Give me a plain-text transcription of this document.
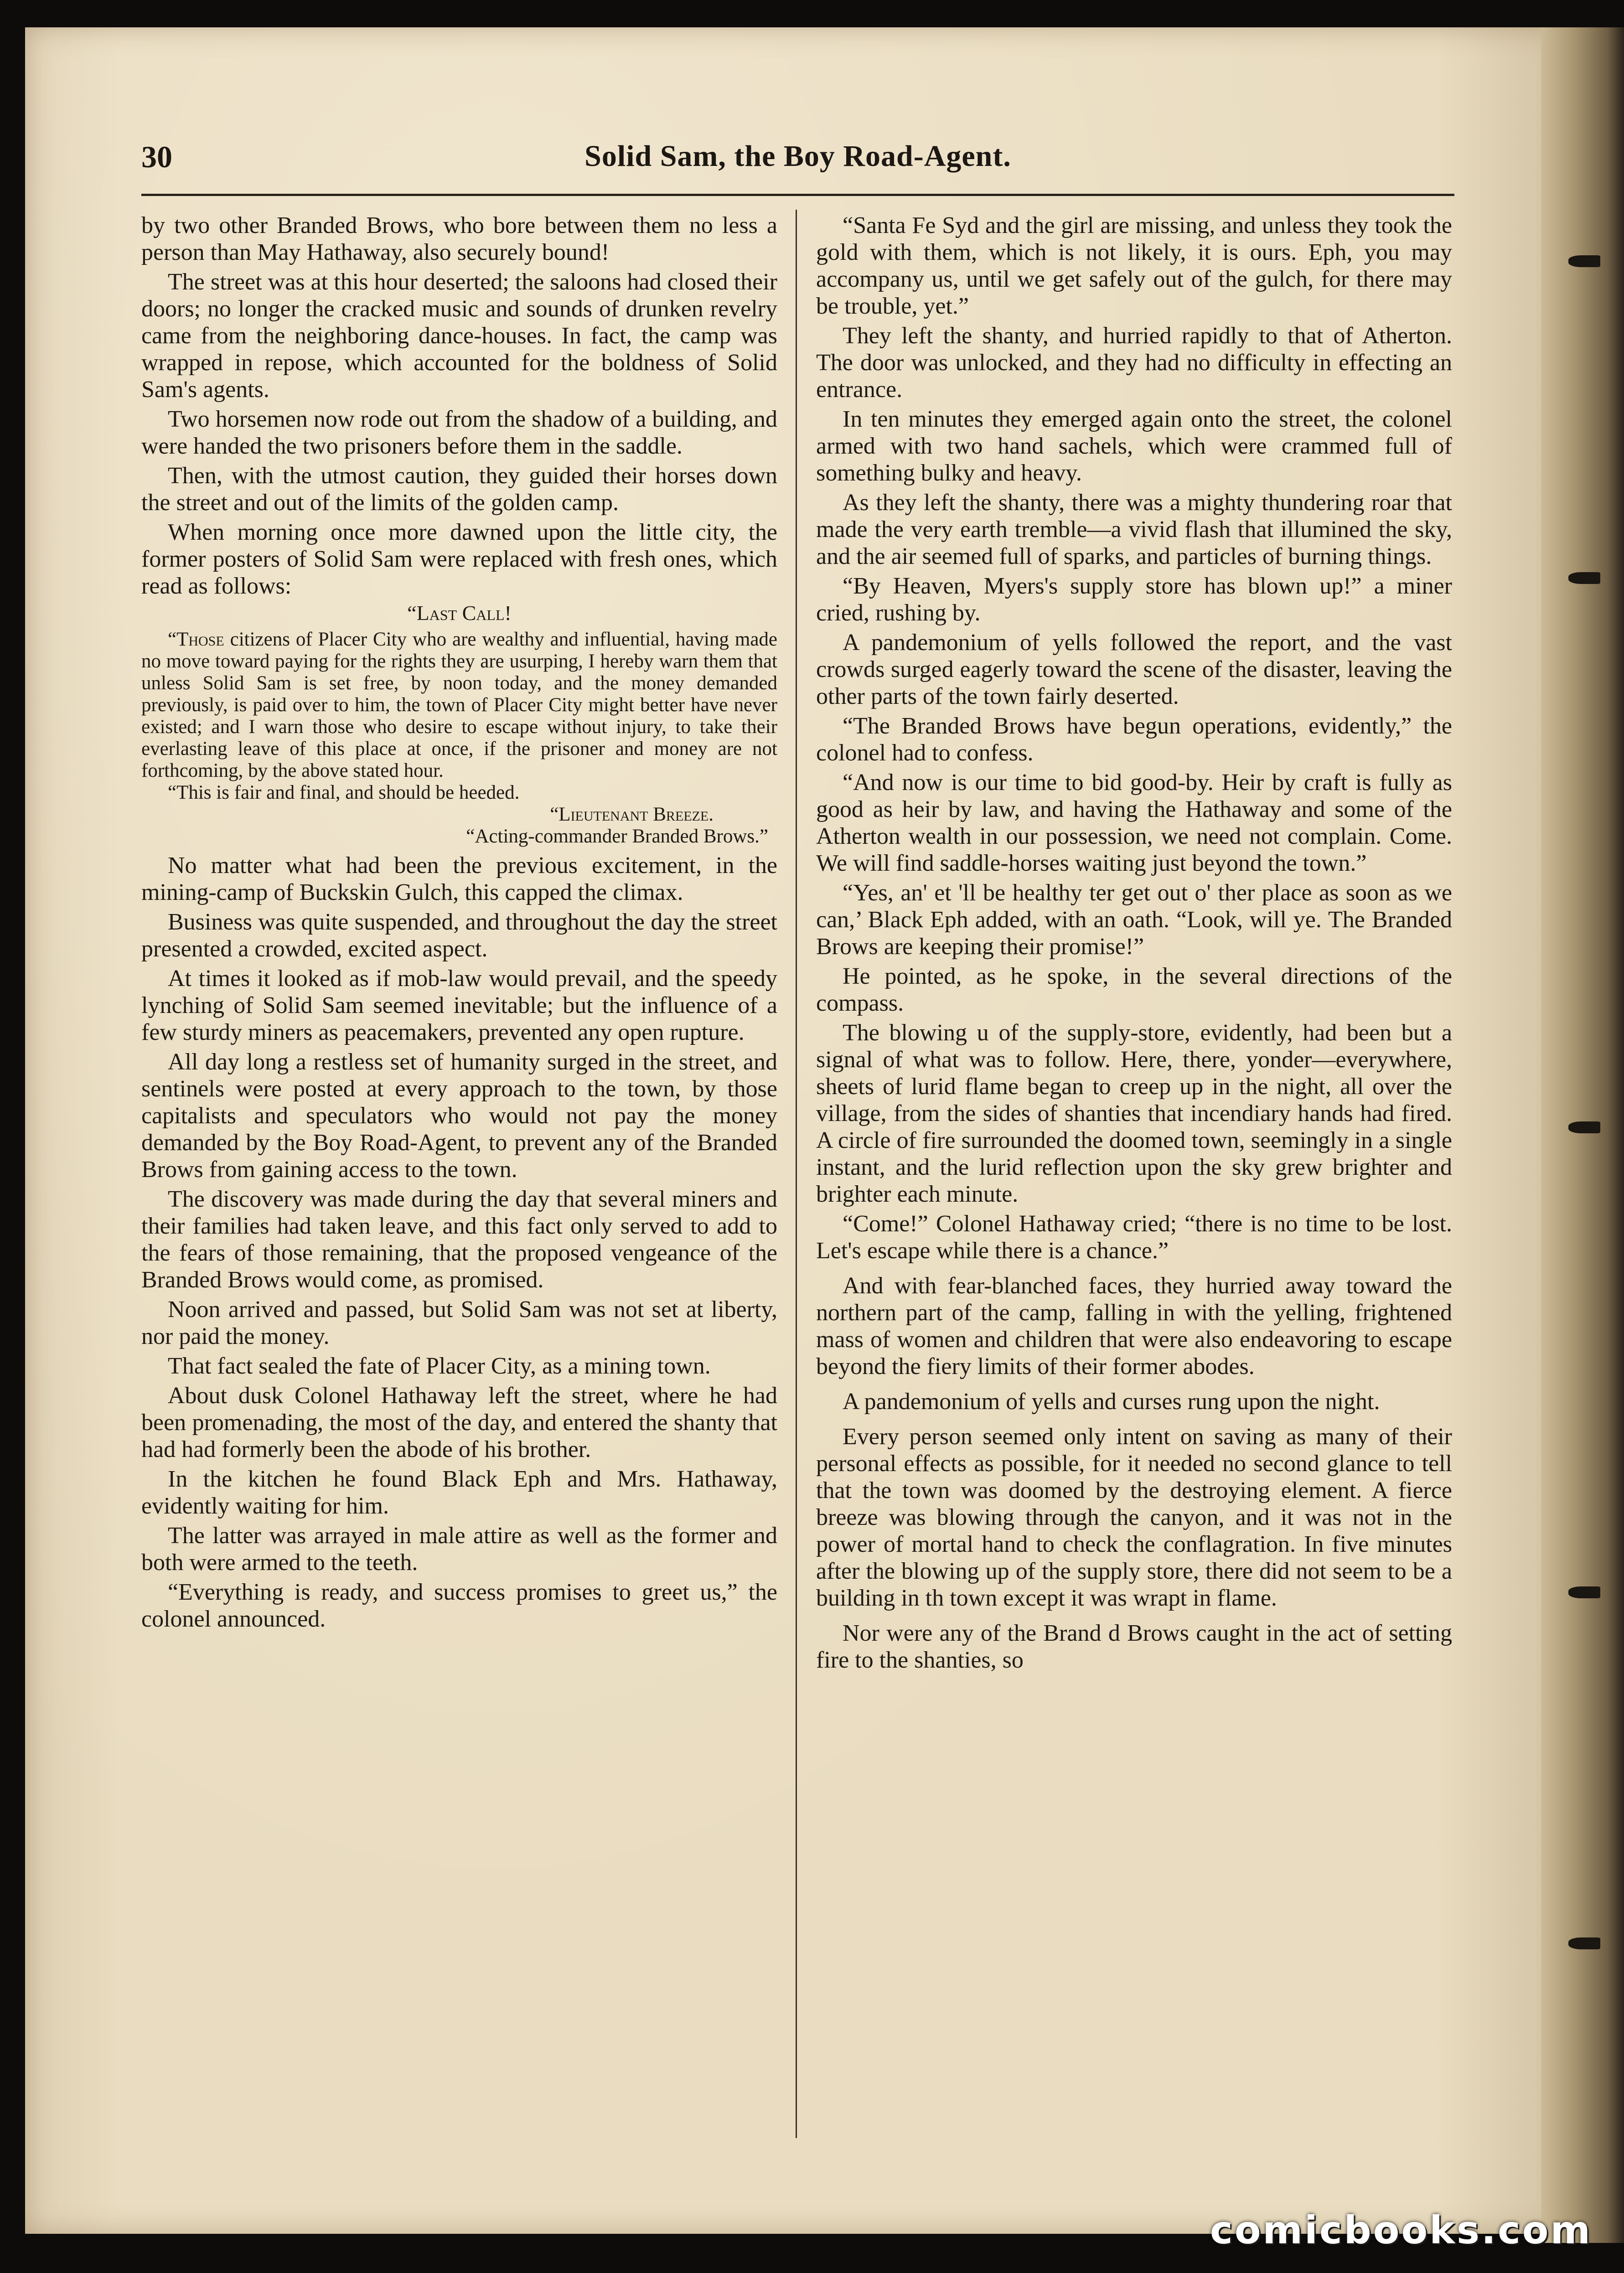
30	Solid Sam, the Boy Road-Agent.

by two other Branded Brows, who bore between them no less a person than May Hathaway, also securely bound!

The street was at this hour deserted; the saloons had closed their doors; no longer the cracked music and sounds of drunken revelry came from the neighboring dance-houses. In fact, the camp was wrapped in repose, which accounted for the boldness of Solid Sam's agents.

Two horsemen now rode out from the shadow of a building, and were handed the two prisoners before them in the saddle.

Then, with the utmost caution, they guided their horses down the street and out of the limits of the golden camp.

When morning once more dawned upon the little city, the former posters of Solid Sam were replaced with fresh ones, which read as follows:

“Last Call!

“Those citizens of Placer City who are wealthy and influential, having made no move toward paying for the rights they are usurping, I hereby warn them that unless Solid Sam is set free, by noon today, and the money demanded previously, is paid over to him, the town of Placer City might better have never existed; and I warn those who desire to escape without injury, to take their everlasting leave of this place at once, if the prisoner and money are not forthcoming, by the above stated hour.

“This is fair and final, and should be heeded.

“Lieutenant Breeze.

“Acting-commander Branded Brows.”

No matter what had been the previous excitement, in the mining-camp of Buckskin Gulch, this capped the climax.

Business was quite suspended, and throughout the day the street presented a crowded, excited aspect.

At times it looked as if mob-law would prevail, and the speedy lynching of Solid Sam seemed inevitable; but the influence of a few sturdy miners as peacemakers, prevented any open rupture.

All day long a restless set of humanity surged in the street, and sentinels were posted at every approach to the town, by those capitalists and speculators who would not pay the money demanded by the Boy Road-Agent, to prevent any of the Branded Brows from gaining access to the town.

The discovery was made during the day that several miners and their families had taken leave, and this fact only served to add to the fears of those remaining, that the proposed vengeance of the Branded Brows would come, as promised.

Noon arrived and passed, but Solid Sam was not set at liberty, nor paid the money.

That fact sealed the fate of Placer City, as a mining town.

About dusk Colonel Hathaway left the street, where he had been promenading, the most of the day, and entered the shanty that had had formerly been the abode of his brother.

In the kitchen he found Black Eph and Mrs. Hathaway, evidently waiting for him.

The latter was arrayed in male attire as well as the former and both were armed to the teeth.

“Everything is ready, and success promises to greet us,” the colonel announced.

“Santa Fe Syd and the girl are missing, and unless they took the gold with them, which is not likely, it is ours. Eph, you may accompany us, until we get safely out of the gulch, for there may be trouble, yet.”

They left the shanty, and hurried rapidly to that of Atherton. The door was unlocked, and they had no difficulty in effecting an entrance.

In ten minutes they emerged again onto the street, the colonel armed with two hand sachels, which were crammed full of something bulky and heavy.

As they left the shanty, there was a mighty thundering roar that made the very earth tremble—a vivid flash that illumined the sky, and the air seemed full of sparks, and particles of burning things.

“By Heaven, Myers's supply store has blown up!” a miner cried, rushing by.

A pandemonium of yells followed the report, and the vast crowds surged eagerly toward the scene of the disaster, leaving the other parts of the town fairly deserted.

“The Branded Brows have begun operations, evidently,” the colonel had to confess.

“And now is our time to bid good-by. Heir by craft is fully as good as heir by law, and having the Hathaway and some of the Atherton wealth in our possession, we need not complain. Come. We will find saddle-horses waiting just beyond the town.”

“Yes, an' et 'll be healthy ter get out o' ther place as soon as we can,’ Black Eph added, with an oath. “Look, will ye. The Branded Brows are keeping their promise!”

He pointed, as he spoke, in the several directions of the compass.

The blowing u of the supply-store, evidently, had been but a signal of what was to follow. Here, there, yonder—everywhere, sheets of lurid flame began to creep up in the night, all over the village, from the sides of shanties that incendiary hands had fired. A circle of fire surrounded the doomed town, seemingly in a single instant, and the lurid reflection upon the sky grew brighter and brighter each minute.

“Come!” Colonel Hathaway cried; “there is no time to be lost. Let's escape while there is a chance.”

And with fear-blanched faces, they hurried away toward the northern part of the camp, falling in with the yelling, frightened mass of women and children that were also endeavoring to escape beyond the fiery limits of their former abodes.

A pandemonium of yells and curses rung upon the night.

Every person seemed only intent on saving as many of their personal effects as possible, for it needed no second glance to tell that the town was doomed by the destroying element. A fierce breeze was blowing through the canyon, and it was not in the power of mortal hand to check the conflagration. In five minutes after the blowing up of the supply store, there did not seem to be a building in th town except it was wrapt in flame.

Nor were any of the Brand d Brows caught in the act of setting fire to the shanties, so

comicbooks.com
